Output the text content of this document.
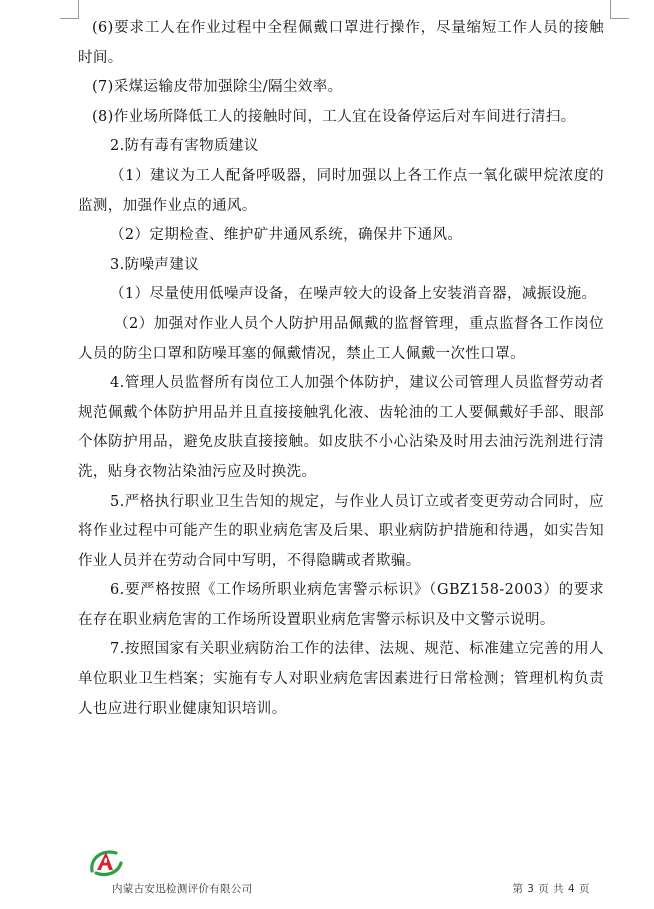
(6)要求工人在作业过程中全程佩戴口罩进行操作，尽量缩短工作人员的接触时间。

(7)采煤运输皮带加强除尘/隔尘效率。

(8)作业场所降低工人的接触时间，工人宜在设备停运后对车间进行清扫。

2.防有毒有害物质建议

（1）建议为工人配备呼吸器，同时加强以上各工作点一氧化碳甲烷浓度的监测，加强作业点的通风。

（2）定期检查、维护矿井通风系统，确保井下通风。

3.防噪声建议

（1）尽量使用低噪声设备，在噪声较大的设备上安装消音器，减振设施。

（2）加强对作业人员个人防护用品佩戴的监督管理，重点监督各工作岗位人员的防尘口罩和防噪耳塞的佩戴情况，禁止工人佩戴一次性口罩。

4.管理人员监督所有岗位工人加强个体防护，建议公司管理人员监督劳动者规范佩戴个体防护用品并且直接接触乳化液、齿轮油的工人要佩戴好手部、眼部个体防护用品，避免皮肤直接接触。如皮肤不小心沾染及时用去油污洗剂进行清洗，贴身衣物沾染油污应及时换洗。

5.严格执行职业卫生告知的规定，与作业人员订立或者变更劳动合同时，应将作业过程中可能产生的职业病危害及后果、职业病防护措施和待遇，如实告知作业人员并在劳动合同中写明，不得隐瞒或者欺骗。

6.要严格按照《工作场所职业病危害警示标识》（GBZ158-2003）的要求在存在职业病危害的工作场所设置职业病危害警示标识及中文警示说明。

7.按照国家有关职业病防治工作的法律、法规、规范、标准建立完善的用人单位职业卫生档案；实施有专人对职业病危害因素进行日常检测；管理机构负责人也应进行职业健康知识培训。

内蒙古安迅检测评价有限公司	第 3 页 共 4 页
